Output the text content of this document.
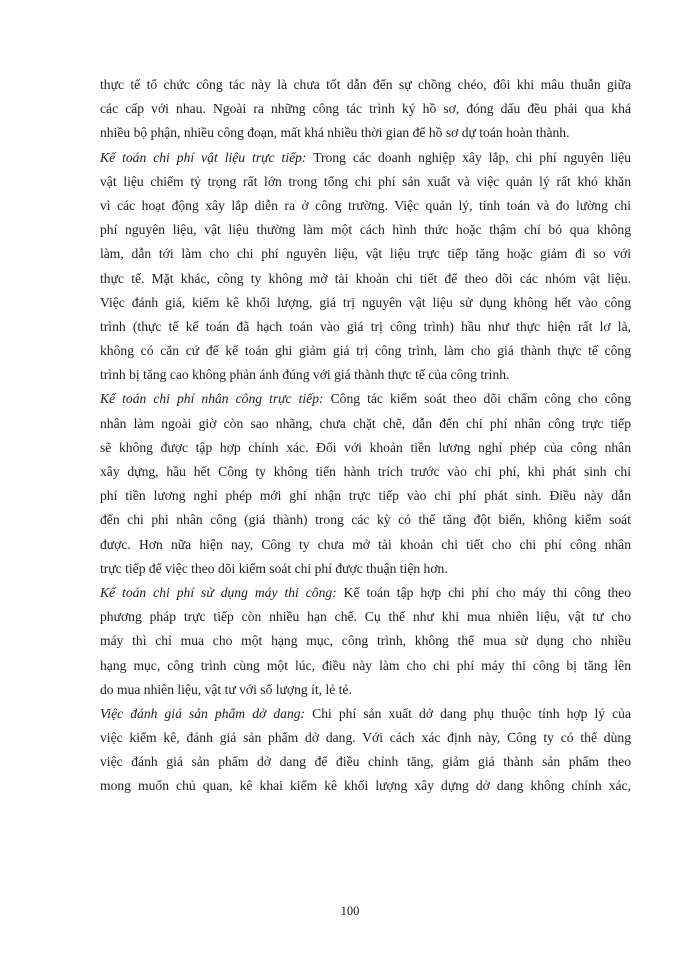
thực tế tổ chức công tác này là chưa tốt dẫn đến sự chồng chéo, đôi khi mâu thuẫn giữa
các cấp với nhau. Ngoài ra những công tác trình ký hồ sơ, đóng dấu đều phải qua khá
nhiều bộ phận, nhiều công đoạn, mất khá nhiều thời gian để hồ sơ dự toán hoàn thành.
Kế toán chi phí vật liệu trực tiếp: Trong các doanh nghiệp xây lắp, chi phí nguyên liệu
vật liệu chiếm tỷ trọng rất lớn trong tổng chi phí sản xuất và việc quản lý rất khó khăn
vì các hoạt động xây lắp diễn ra ở công trường. Việc quản lý, tính toán và đo lường chi
phí nguyên liệu, vật liệu thường làm một cách hình thức hoặc thậm chí bỏ qua không
làm, dẫn tới làm cho chi phí nguyên liệu, vật liệu trực tiếp tăng hoặc giảm đi so với
thực tế. Mặt khác, công ty không mở tài khoản chi tiết để theo dõi các nhóm vật liệu.
Việc đánh giá, kiểm kê khối lượng, giá trị nguyên vật liệu sử dụng không hết vào công
trình (thực tế kế toán đã hạch toán vào giá trị công trình) hầu như thực hiện rất lơ là,
không có căn cứ để kế toán ghi giảm giá trị công trình, làm cho giá thành thực tế công
trình bị tăng cao không phản ánh đúng với giá thành thực tế của công trình.
Kế toán chi phí nhân công trực tiếp: Công tác kiểm soát theo dõi chấm công cho công
nhân làm ngoài giờ còn sao nhãng, chưa chặt chẽ, dẫn đến chi phí nhân công trực tiếp
sẽ không được tập hợp chính xác. Đối với khoản tiền lương nghỉ phép của công nhân
xây dựng, hầu hết Công ty không tiến hành trích trước vào chi phí, khi phát sinh chi
phí tiền lương nghỉ phép mới ghi nhận trực tiếp vào chi phí phát sinh. Điều này dẫn
đến chi phi nhân công (giá thành) trong các kỳ có thể tăng đột biến, không kiểm soát
được. Hơn nữa hiện nay, Công ty chưa mở tài khoản chi tiết cho chi phí công nhân
trực tiếp để việc theo dõi kiểm soát chi phí được thuận tiện hơn.
Kế toán chi phí sử dụng máy thi công: Kế toán tập hợp chi phí cho máy thi công theo
phương pháp trực tiếp còn nhiều hạn chế. Cụ thể như khi mua nhiên liệu, vật tư cho
máy thì chỉ mua cho một hạng mục, công trình, không thể mua sử dụng cho nhiều
hạng mục, công trình cùng một lúc, điều này làm cho chi phí máy thi công bị tăng lên
do mua nhiên liệu, vật tư với số lượng ít, lẻ tẻ.
Việc đánh giá sản phẩm dở dang: Chi phí sản xuất dở dang phụ thuộc tính hợp lý của
việc kiểm kê, đánh giá sản phẩm dở dang. Với cách xác định này, Công ty có thể dùng
việc đánh giá sản phẩm dở dang để điều chỉnh tăng, giảm giá thành sản phẩm theo
mong muốn chủ quan, kê khai kiểm kê khối lượng xây dựng dở dang không chính xác,
100
